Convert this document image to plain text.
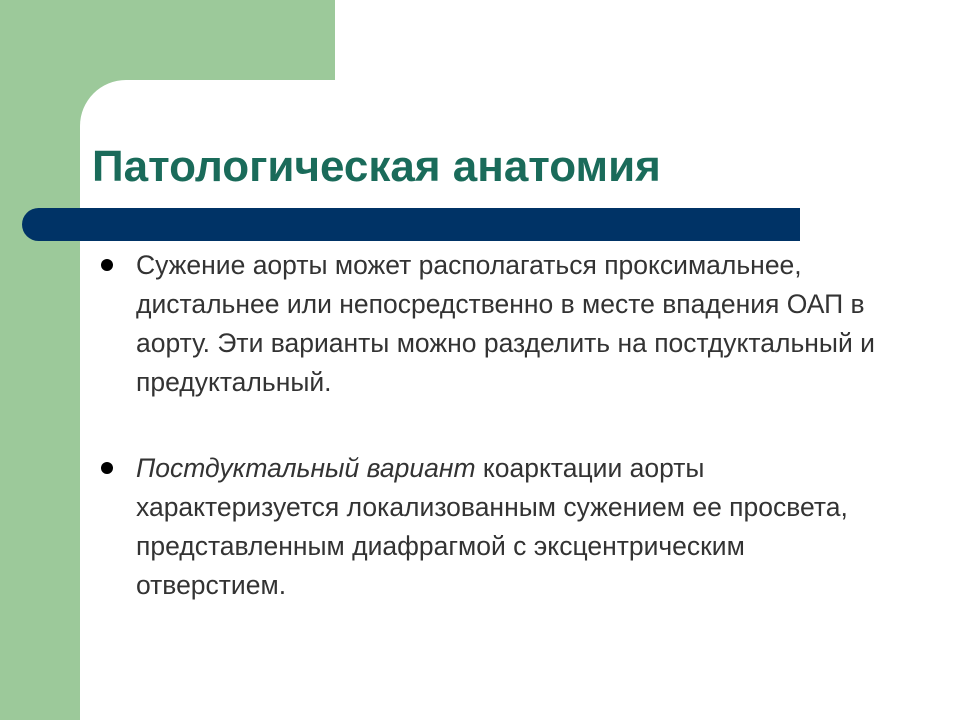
Патологическая анатомия
Сужение аорты может располагаться проксимальнее, дистальнее или непосредственно в месте впадения ОАП в аорту. Эти варианты можно разделить на постдуктальный и предуктальный.
Постдуктальный вариант коарктации аорты характеризуется локализованным сужением ее просвета, представленным диафрагмой с эксцентрическим отверстием.
